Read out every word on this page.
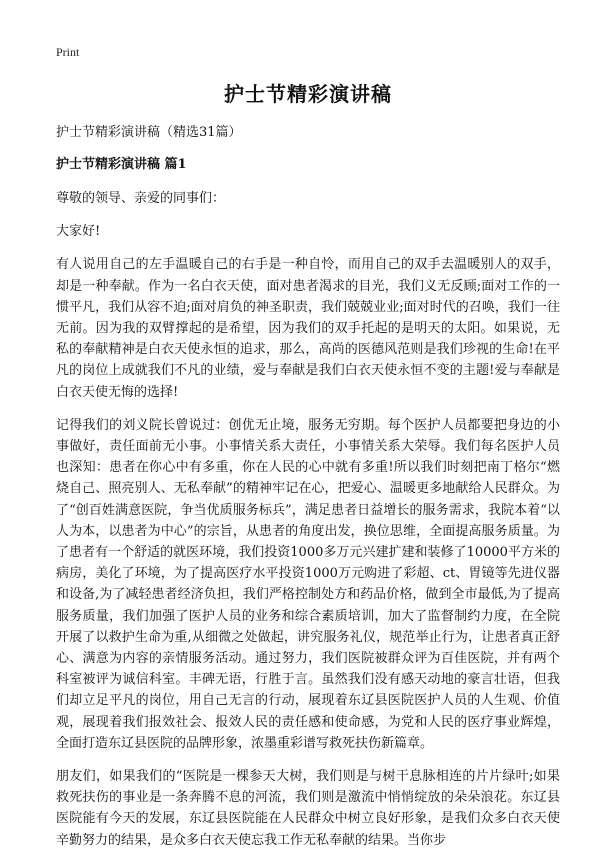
Print
护士节精彩演讲稿
护士节精彩演讲稿（精选31篇）
护士节精彩演讲稿 篇1

尊敬的领导、亲爱的同事们：

大家好!

有人说用自己的左手温暖自己的右手是一种自怜，而用自己的双手去温暖别人的双手，却是一种奉献。作为一名白衣天使，面对患者渴求的目光，我们义无反顾;面对工作的一惯平凡，我们从容不迫;面对肩负的神圣职责，我们兢兢业业;面对时代的召唤，我们一往无前。因为我的双臂撑起的是希望，因为我们的双手托起的是明天的太阳。如果说，无私的奉献精神是白衣天使永恒的追求，那么，高尚的医德风范则是我们珍视的生命!在平凡的岗位上成就我们不凡的业绩，爱与奉献是我们白衣天使永恒不变的主题!爱与奉献是白衣天使无悔的选择!

记得我们的刘义院长曾说过：创优无止境，服务无穷期。每个医护人员都要把身边的小事做好，责任面前无小事。小事情关系大责任，小事情关系大荣辱。我们每名医护人员也深知：患者在你心中有多重，你在人民的心中就有多重!所以我们时刻把南丁格尔“燃烧自己、照亮别人、无私奉献”的精神牢记在心，把爱心、温暖更多地献给人民群众。为了“创百姓满意医院，争当优质服务标兵”，满足患者日益增长的服务需求，我院本着“以人为本，以患者为中心”的宗旨，从患者的角度出发，换位思维，全面提高服务质量。为了患者有一个舒适的就医环境，我们投资1000多万元兴建扩建和装修了10000平方米的病房，美化了环境，为了提高医疗水平投资1000万元购进了彩超、ct、胃镜等先进仪器和设备,为了减轻患者经济负担，我们严格控制处方和药品价格，做到全市最低,为了提高服务质量，我们加强了医护人员的业务和综合素质培训，加大了监督制约力度，在全院开展了以救护生命为重,从细微之处做起，讲究服务礼仪，规范举止行为，让患者真正舒心、满意为内容的亲情服务活动。通过努力，我们医院被群众评为百佳医院，并有两个科室被评为诚信科室。丰碑无语，行胜于言。虽然我们没有感天动地的豪言壮语，但我们却立足平凡的岗位，用自己无言的行动，展现着东辽县医院医护人员的人生观、价值观，展现着我们报效社会、报效人民的责任感和使命感，为党和人民的医疗事业辉煌，全面打造东辽县医院的品牌形象，浓墨重彩谱写救死扶伤新篇章。

朋友们，如果我们的“医院是一棵参天大树，我们则是与树干息脉相连的片片绿叶;如果救死扶伤的事业是一条奔腾不息的河流，我们则是激流中悄悄绽放的朵朵浪花。东辽县医院能有今天的发展，东辽县医院能在人民群众中树立良好形象，是我们众多白衣天使辛勤努力的结果，是众多白衣天使忘我工作无私奉献的结果。当你步
